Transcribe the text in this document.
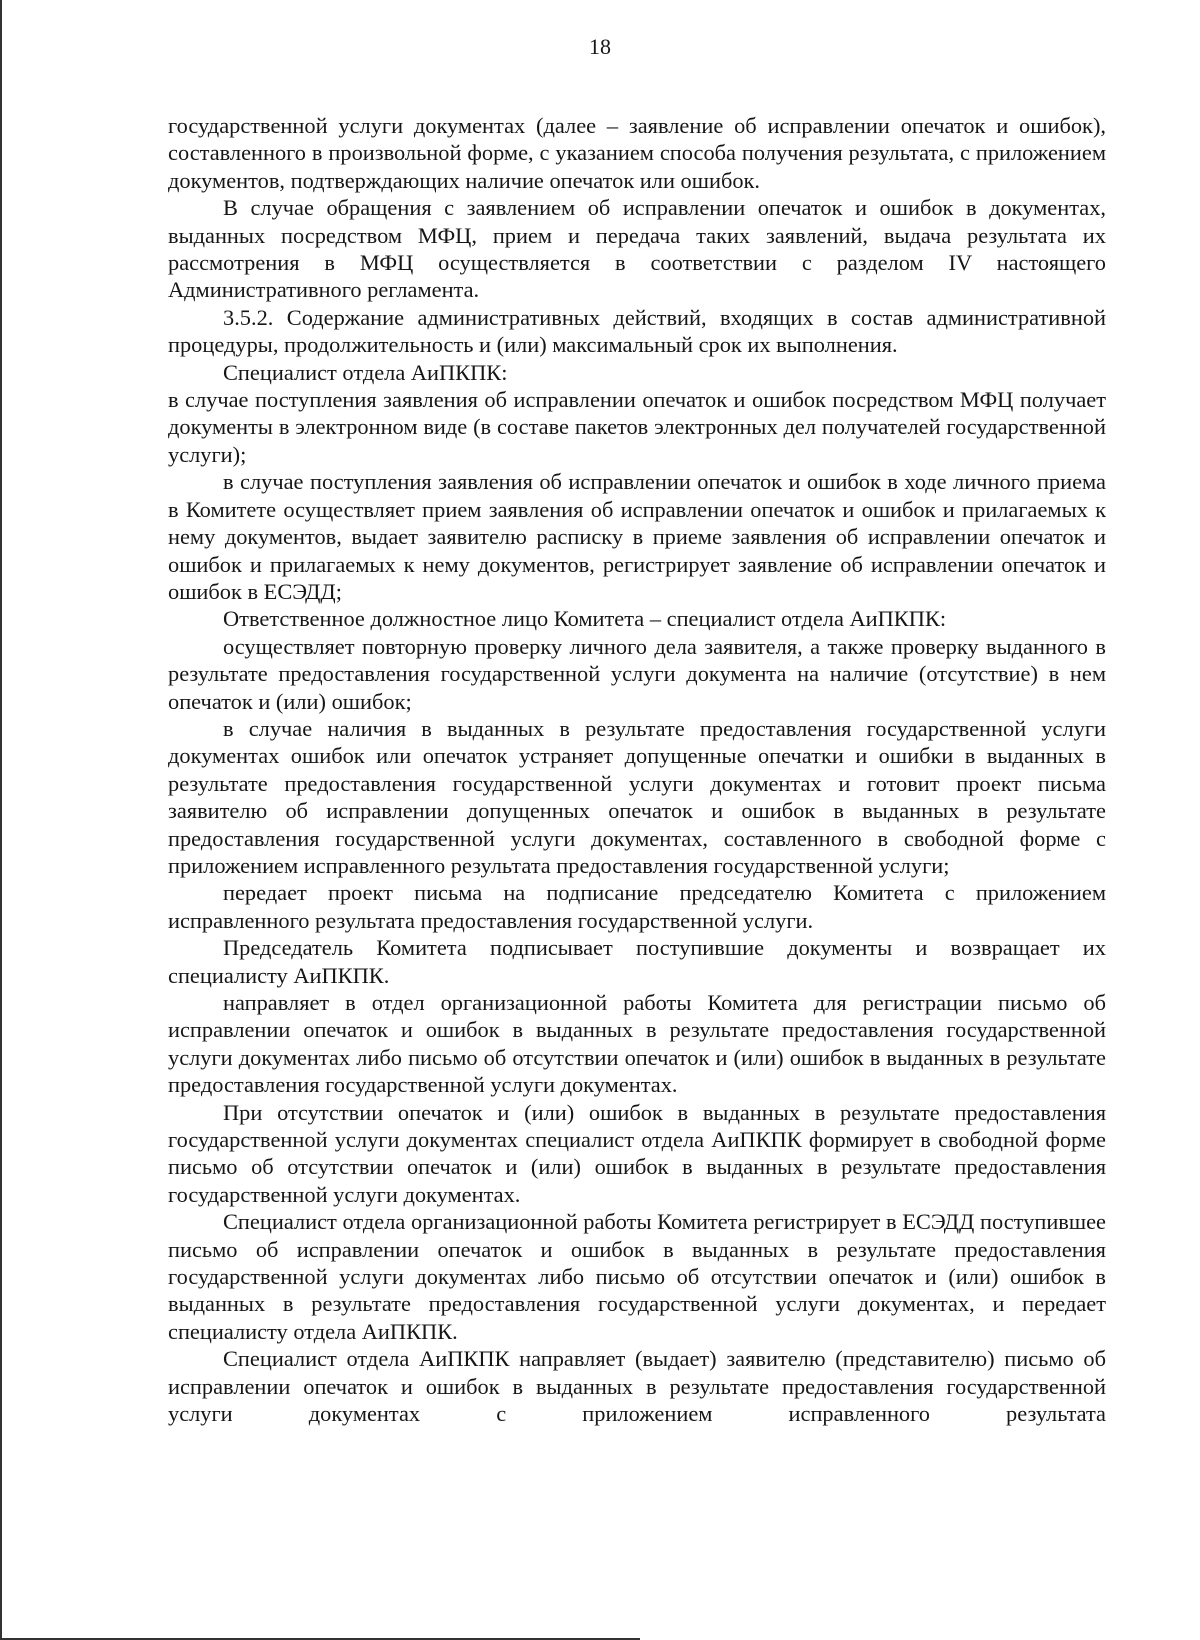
18

государственной услуги документах (далее – заявление об исправлении опечаток и ошибок), составленного в произвольной форме, с указанием способа получения результата, с приложением документов, подтверждающих наличие опечаток или ошибок.

В случае обращения с заявлением об исправлении опечаток и ошибок в документах, выданных посредством МФЦ, прием и передача таких заявлений, выдача результата их рассмотрения в МФЦ осуществляется в соответствии с разделом IV настоящего Административного регламента.

3.5.2. Содержание административных действий, входящих в состав административной процедуры, продолжительность и (или) максимальный срок их выполнения.

Специалист отдела АиПКПК:

в случае поступления заявления об исправлении опечаток и ошибок посредством МФЦ получает документы в электронном виде (в составе пакетов электронных дел получателей государственной услуги);

в случае поступления заявления об исправлении опечаток и ошибок в ходе личного приема в Комитете осуществляет прием заявления об исправлении опечаток и ошибок и прилагаемых к нему документов, выдает заявителю расписку в приеме заявления об исправлении опечаток и ошибок и прилагаемых к нему документов, регистрирует заявление об исправлении опечаток и ошибок в ЕСЭДД;

Ответственное должностное лицо Комитета – специалист отдела АиПКПК:

осуществляет повторную проверку личного дела заявителя, а также проверку выданного в результате предоставления государственной услуги документа на наличие (отсутствие) в нем опечаток и (или) ошибок;

в случае наличия в выданных в результате предоставления государственной услуги документах ошибок или опечаток устраняет допущенные опечатки и ошибки в выданных в результате предоставления государственной услуги документах и готовит проект письма заявителю об исправлении допущенных опечаток и ошибок в выданных в результате предоставления государственной услуги документах, составленного в свободной форме с приложением исправленного результата предоставления государственной услуги;

передает проект письма на подписание председателю Комитета с приложением исправленного результата предоставления государственной услуги.

Председатель Комитета подписывает поступившие документы и возвращает их специалисту АиПКПК.

направляет в отдел организационной работы Комитета для регистрации письмо об исправлении опечаток и ошибок в выданных в результате предоставления государственной услуги документах либо письмо об отсутствии опечаток и (или) ошибок в выданных в результате предоставления государственной услуги документах.

При отсутствии опечаток и (или) ошибок в выданных в результате предоставления государственной услуги документах специалист отдела АиПКПК формирует в свободной форме письмо об отсутствии опечаток и (или) ошибок в выданных в результате предоставления государственной услуги документах.

Специалист отдела организационной работы Комитета регистрирует в ЕСЭДД поступившее письмо об исправлении опечаток и ошибок в выданных в результате предоставления государственной услуги документах либо письмо об отсутствии опечаток и (или) ошибок в выданных в результате предоставления государственной услуги документах, и передает специалисту отдела АиПКПК.

Специалист отдела АиПКПК направляет (выдает) заявителю (представителю) письмо об исправлении опечаток и ошибок в выданных в результате предоставления государственной услуги документах с приложением исправленного результата
